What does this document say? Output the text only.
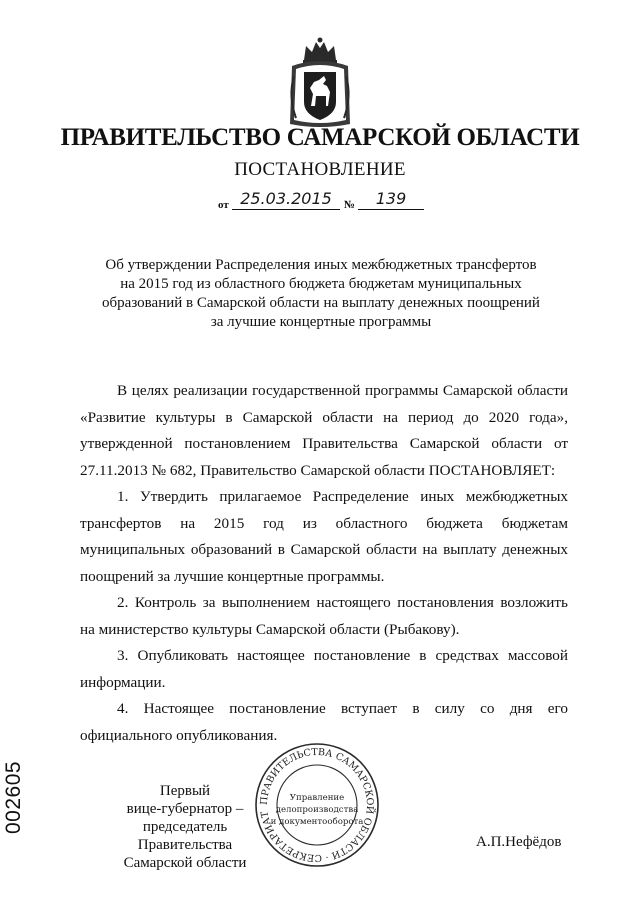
ПРАВИТЕЛЬСТВО САМАРСКОЙ ОБЛАСТИ
ПОСТАНОВЛЕНИЕ
от 25.03.2015	№	139
Об утверждении Распределения иных межбюджетных трансфертов
на 2015 год из областного бюджета бюджетам муниципальных
образований в Самарской области на выплату денежных поощрений
за лучшие концертные программы

В целях реализации государственной программы Самарской области «Развитие культуры в Самарской области на период до 2020 года», утвержденной постановлением Правительства Самарской области от 27.11.2013 № 682, Правительство Самарской области ПОСТАНОВЛЯЕТ:

1. Утвердить прилагаемое Распределение иных межбюджетных трансфертов на 2015 год из областного бюджета бюджетам муниципальных образований в Самарской области на выплату денежных поощрений за лучшие концертные программы.

2. Контроль за выполнением настоящего постановления возложить на министерство культуры Самарской области (Рыбакову).

3. Опубликовать настоящее постановление в средствах массовой информации.

4. Настоящее постановление вступает в силу со дня его официального опубликования.

Первый
вице-губернатор –
председатель Правительства
Самарской области
ПРАВИТЕЛЬСТВА САМАРСКОЙ ОБЛАСТИ · СЕКРЕТАРИАТ
Управление
делопроизводства
и документооборота
А.П.Нефёдов
002605
